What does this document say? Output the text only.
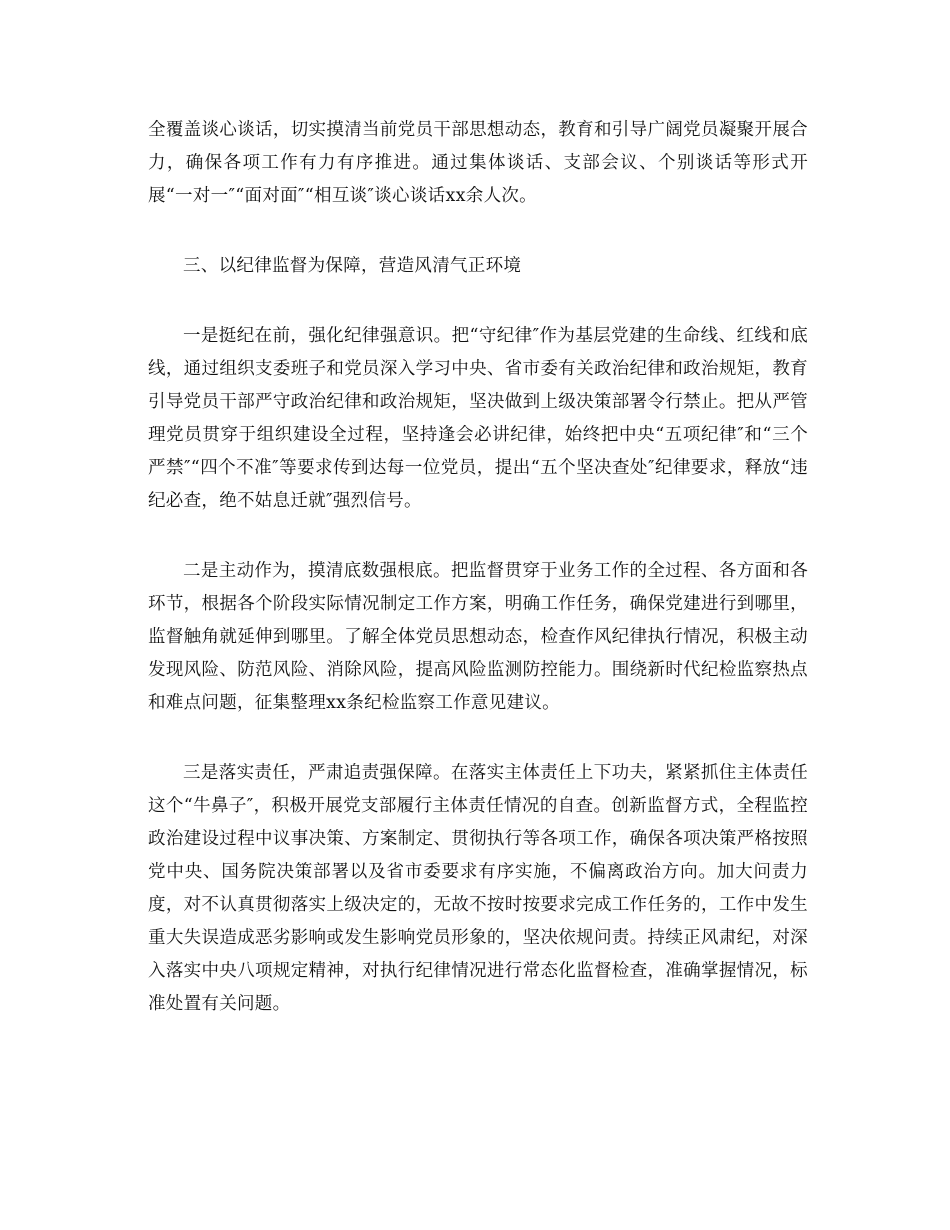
全覆盖谈心谈话，切实摸清当前党员干部思想动态，教育和引导广阔党员凝聚开展合力，确保各项工作有力有序推进。通过集体谈话、支部会议、个别谈话等形式开展“一对一″“面对面″“相互谈″谈心谈话xx余人次。

三、以纪律监督为保障，营造风清气正环境

一是挺纪在前，强化纪律强意识。把“守纪律″作为基层党建的生命线、红线和底线，通过组织支委班子和党员深入学习中央、省市委有关政治纪律和政治规矩，教育引导党员干部严守政治纪律和政治规矩，坚决做到上级决策部署令行禁止。把从严管理党员贯穿于组织建设全过程，坚持逢会必讲纪律，始终把中央“五项纪律″和“三个严禁″“四个不准″等要求传到达每一位党员，提出“五个坚决查处″纪律要求，释放“违纪必查，绝不姑息迁就″强烈信号。

二是主动作为，摸清底数强根底。把监督贯穿于业务工作的全过程、各方面和各环节，根据各个阶段实际情况制定工作方案，明确工作任务，确保党建进行到哪里，监督触角就延伸到哪里。了解全体党员思想动态，检查作风纪律执行情况，积极主动发现风险、防范风险、消除风险，提高风险监测防控能力。围绕新时代纪检监察热点和难点问题，征集整理xx条纪检监察工作意见建议。

三是落实责任，严肃追责强保障。在落实主体责任上下功夫，紧紧抓住主体责任这个“牛鼻子″，积极开展党支部履行主体责任情况的自查。创新监督方式，全程监控政治建设过程中议事决策、方案制定、贯彻执行等各项工作，确保各项决策严格按照党中央、国务院决策部署以及省市委要求有序实施，不偏离政治方向。加大问责力度，对不认真贯彻落实上级决定的，无故不按时按要求完成工作任务的，工作中发生重大失误造成恶劣影响或发生影响党员形象的，坚决依规问责。持续正风肃纪，对深入落实中央八项规定精神，对执行纪律情况进行常态化监督检查，准确掌握情况，标准处置有关问题。
